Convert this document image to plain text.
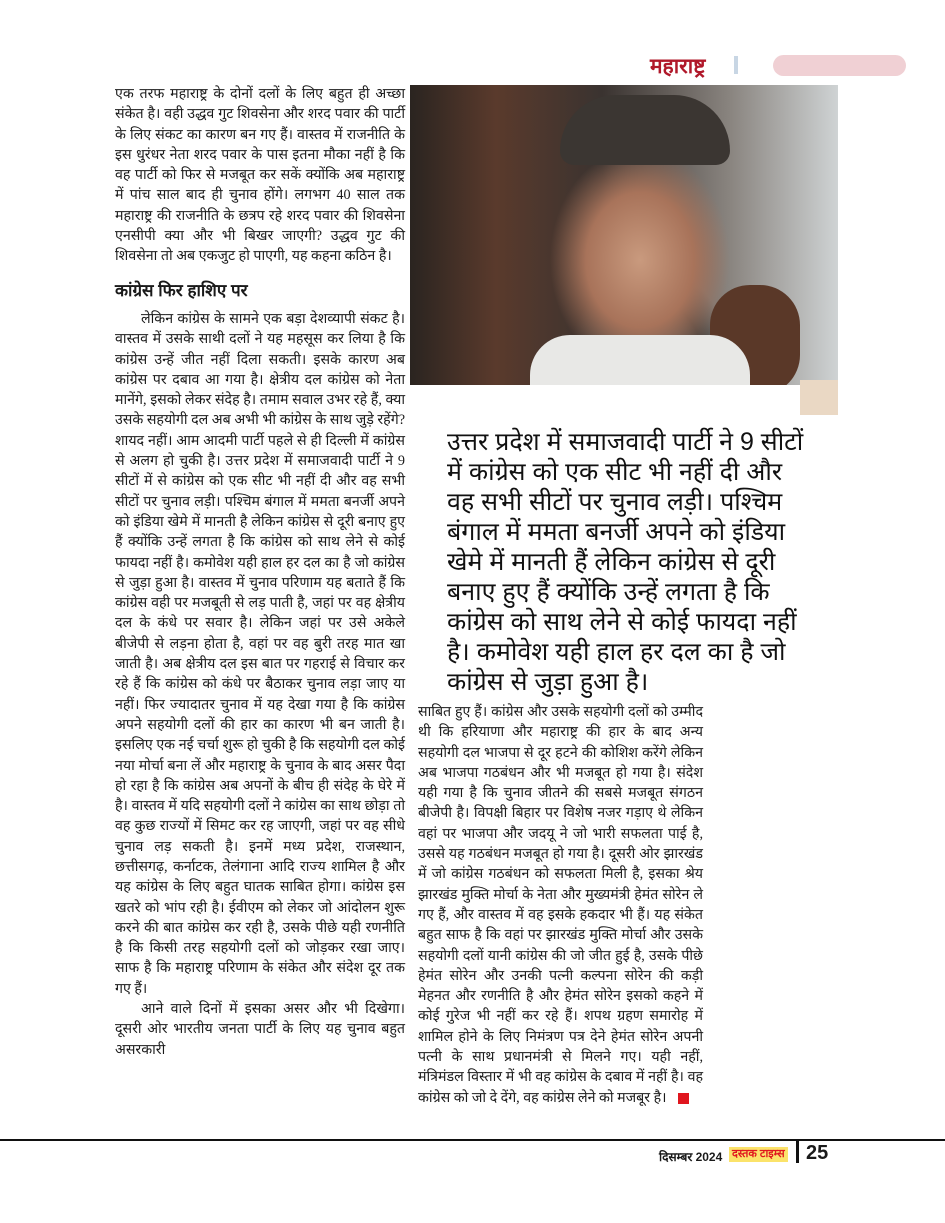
महाराष्ट्र

एक तरफ महाराष्ट्र के दोनों दलों के लिए बहुत ही अच्छा संकेत है। वही उद्धव गुट शिवसेना और शरद पवार की पार्टी के लिए संकट का कारण बन गए हैं। वास्तव में राजनीति के इस धुरंधर नेता शरद पवार के पास इतना मौका नहीं है कि वह पार्टी को फिर से मजबूत कर सकें क्योंकि अब महाराष्ट्र में पांच साल बाद ही चुनाव होंगे। लगभग 40 साल तक महाराष्ट्र की राजनीति के छत्रप रहे शरद पवार की शिवसेना एनसीपी क्या और भी बिखर जाएगी? उद्धव गुट की शिवसेना तो अब एकजुट हो पाएगी, यह कहना कठिन है।

कांग्रेस फिर हाशिए पर

लेकिन कांग्रेस के सामने एक बड़ा देशव्यापी संकट है। वास्तव में उसके साथी दलों ने यह महसूस कर लिया है कि कांग्रेस उन्हें जीत नहीं दिला सकती। इसके कारण अब कांग्रेस पर दबाव आ गया है। क्षेत्रीय दल कांग्रेस को नेता मानेंगे, इसको लेकर संदेह है। तमाम सवाल उभर रहे हैं, क्या उसके सहयोगी दल अब अभी भी कांग्रेस के साथ जुड़े रहेंगे? शायद नहीं। आम आदमी पार्टी पहले से ही दिल्ली में कांग्रेस से अलग हो चुकी है। उत्तर प्रदेश में समाजवादी पार्टी ने 9 सीटों में से कांग्रेस को एक सीट भी नहीं दी और वह सभी सीटों पर चुनाव लड़ी। पश्चिम बंगाल में ममता बनर्जी अपने को इंडिया खेमे में मानती है लेकिन कांग्रेस से दूरी बनाए हुए हैं क्योंकि उन्हें लगता है कि कांग्रेस को साथ लेने से कोई फायदा नहीं है। कमोवेश यही हाल हर दल का है जो कांग्रेस से जुड़ा हुआ है। वास्तव में चुनाव परिणाम यह बताते हैं कि कांग्रेस वही पर मजबूती से लड़ पाती है, जहां पर वह क्षेत्रीय दल के कंधे पर सवार है। लेकिन जहां पर उसे अकेले बीजेपी से लड़ना होता है, वहां पर वह बुरी तरह मात खा जाती है। अब क्षेत्रीय दल इस बात पर गहराई से विचार कर रहे हैं कि कांग्रेस को कंधे पर बैठाकर चुनाव लड़ा जाए या नहीं। फिर ज्यादातर चुनाव में यह देखा गया है कि कांग्रेस अपने सहयोगी दलों की हार का कारण भी बन जाती है। इसलिए एक नई चर्चा शुरू हो चुकी है कि सहयोगी दल कोई नया मोर्चा बना लें और महाराष्ट्र के चुनाव के बाद असर पैदा हो रहा है कि कांग्रेस अब अपनों के बीच ही संदेह के घेरे में है। वास्तव में यदि सहयोगी दलों ने कांग्रेस का साथ छोड़ा तो वह कुछ राज्यों में सिमट कर रह जाएगी, जहां पर वह सीधे चुनाव लड़ सकती है। इनमें मध्य प्रदेश, राजस्थान, छत्तीसगढ़, कर्नाटक, तेलंगाना आदि राज्य शामिल है और यह कांग्रेस के लिए बहुत घातक साबित होगा। कांग्रेस इस खतरे को भांप रही है। ईवीएम को लेकर जो आंदोलन शुरू करने की बात कांग्रेस कर रही है, उसके पीछे यही रणनीति है कि किसी तरह सहयोगी दलों को जोड़कर रखा जाए। साफ है कि महाराष्ट्र परिणाम के संकेत और संदेश दूर तक गए हैं।

आने वाले दिनों में इसका असर और भी दिखेगा। दूसरी ओर भारतीय जनता पार्टी के लिए यह चुनाव बहुत असरकारी

उत्तर प्रदेश में समाजवादी पार्टी ने 9 सीटों में कांग्रेस को एक सीट भी नहीं दी और वह सभी सीटों पर चुनाव लड़ी। पश्चिम बंगाल में ममता बनर्जी अपने को इंडिया खेमे में मानती हैं लेकिन कांग्रेस से दूरी बनाए हुए हैं क्योंकि उन्हें लगता है कि कांग्रेस को साथ लेने से कोई फायदा नहीं है। कमोवेश यही हाल हर दल का है जो कांग्रेस से जुड़ा हुआ है।

साबित हुए हैं। कांग्रेस और उसके सहयोगी दलों को उम्मीद थी कि हरियाणा और महाराष्ट्र की हार के बाद अन्य सहयोगी दल भाजपा से दूर हटने की कोशिश करेंगे लेकिन अब भाजपा गठबंधन और भी मजबूत हो गया है। संदेश यही गया है कि चुनाव जीतने की सबसे मजबूत संगठन बीजेपी है। विपक्षी बिहार पर विशेष नजर गड़ाए थे लेकिन वहां पर भाजपा और जदयू ने जो भारी सफलता पाई है, उससे यह गठबंधन मजबूत हो गया है। दूसरी ओर झारखंड में जो कांग्रेस गठबंधन को सफलता मिली है, इसका श्रेय झारखंड मुक्ति मोर्चा के नेता और मुख्यमंत्री हेमंत सोरेन ले गए हैं, और वास्तव में वह इसके हकदार भी हैं। यह संकेत बहुत साफ है कि वहां पर झारखंड मुक्ति मोर्चा और उसके सहयोगी दलों यानी कांग्रेस की जो जीत हुई है, उसके पीछे हेमंत सोरेन और उनकी पत्नी कल्पना सोरेन की कड़ी मेहनत और रणनीति है और हेमंत सोरेन इसको कहने में कोई गुरेज भी नहीं कर रहे हैं। शपथ ग्रहण समारोह में शामिल होने के लिए निमंत्रण पत्र देने हेमंत सोरेन अपनी पत्नी के साथ प्रधानमंत्री से मिलने गए। यही नहीं, मंत्रिमंडल विस्तार में भी वह कांग्रेस के दबाव में नहीं है। वह कांग्रेस को जो दे देंगे, वह कांग्रेस लेने को मजबूर है।

दिसम्बर 2024 दस्तक टाइम्स 25
